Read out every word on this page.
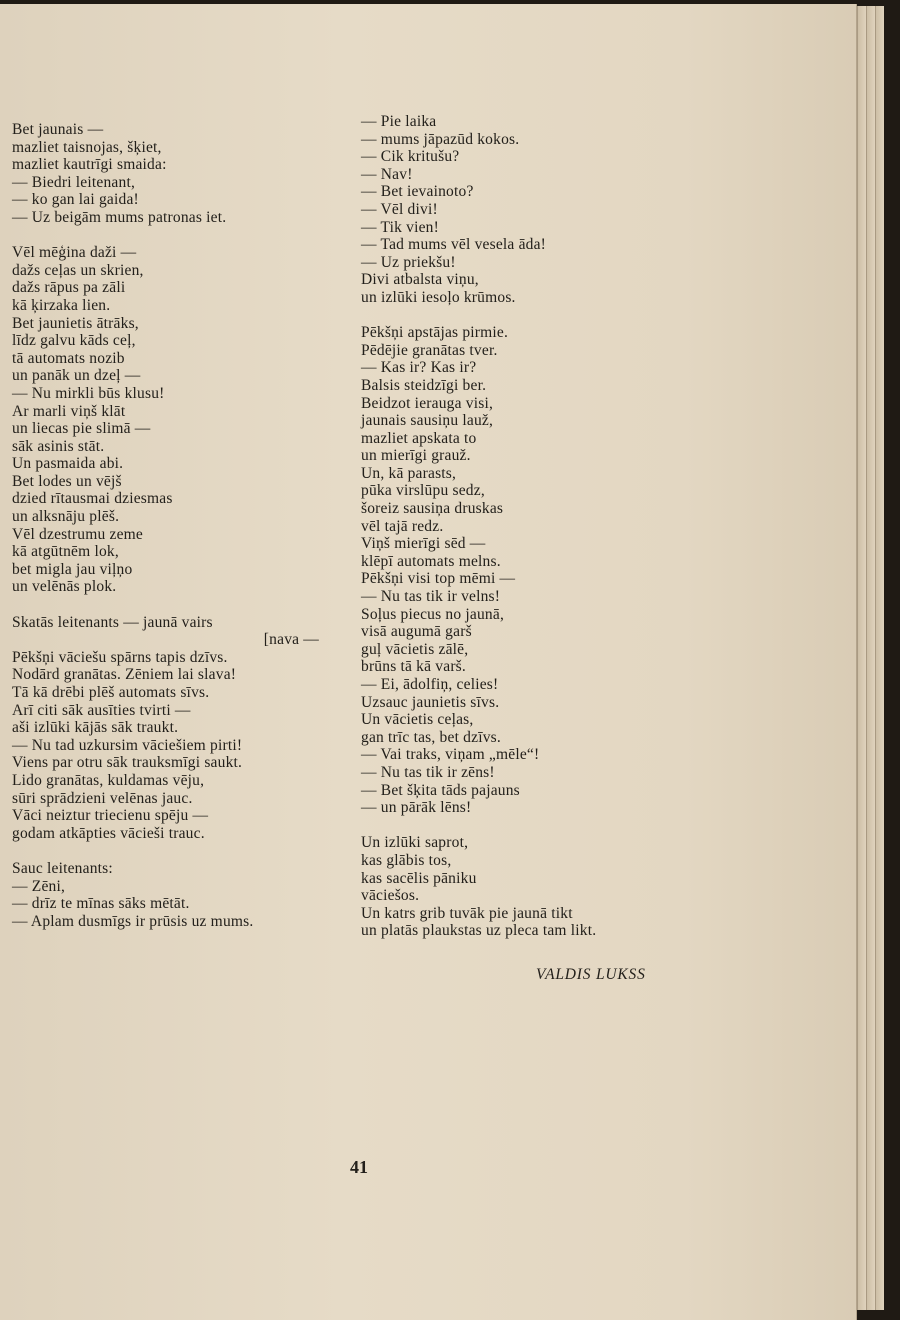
Bet jaunais —
mazliet taisnojas, šķiet,
mazliet kautrīgi smaida:
— Biedri leitenant,
— ko gan lai gaida!
— Uz beigām mums patronas iet.
Vēl mēģina daži —
dažs ceļas un skrien,
dažs rāpus pa zāli
kā ķirzaka lien.
Bet jaunietis ātrāks,
līdz galvu kāds ceļ,
tā automats nozib
un panāk un dzeļ —
— Nu mirkli būs klusu!
Ar marli viņš klāt
un liecas pie slimā —
sāk asinis stāt.
Un pasmaida abi.
Bet lodes un vējš
dzied rītausmai dziesmas
un alksnāju plēš.
Vēl dzestrumu zeme
kā atgūtnēm lok,
bet migla jau viļņo
un velēnās plok.
Skatās leitenants — jaunā vairs
[nava —
Pēkšņi vāciešu spārns tapis dzīvs.
Nodārd granātas. Zēniem lai slava!
Tā kā drēbi plēš automats sīvs.
Arī citi sāk ausīties tvirti —
aši izlūki kājās sāk traukt.
— Nu tad uzkursim vāciešiem pirti!
Viens par otru sāk trauksmīgi saukt.
Lido granātas, kuldamas vēju,
sūri sprādzieni velēnas jauc.
Vāci neiztur triecienu spēju —
godam atkāpties vācieši trauc.
Sauc leitenants:
— Zēni,
— drīz te mīnas sāks mētāt.
— Aplam dusmīgs ir prūsis uz mums.
— Pie laika
— mums jāpazūd kokos.
— Cik kritušu?
— Nav!
— Bet ievainoto?
— Vēl divi!
— Tik vien!
— Tad mums vēl vesela āda!
— Uz priekšu!
Divi atbalsta viņu,
un izlūki iesoļo krūmos.
Pēkšņi apstājas pirmie.
Pēdējie granātas tver.
— Kas ir? Kas ir?
Balsis steidzīgi ber.
Beidzot ierauga visi,
jaunais sausiņu lauž,
mazliet apskata to
un mierīgi grauž.
Un, kā parasts,
pūka virslūpu sedz,
šoreiz sausiņa druskas
vēl tajā redz.
Viņš mierīgi sēd —
klēpī automats melns.
Pēkšņi visi top mēmi —
— Nu tas tik ir velns!
Soļus piecus no jaunā,
visā augumā garš
guļ vācietis zālē,
brūns tā kā varš.
— Ei, ādolfiņ, celies!
Uzsauc jaunietis sīvs.
Un vācietis ceļas,
gan trīc tas, bet dzīvs.
— Vai traks, viņam „mēle“!
— Nu tas tik ir zēns!
— Bet šķita tāds pajauns
— un pārāk lēns!
Un izlūki saprot,
kas glābis tos,
kas sacēlis pāniku
vāciešos.
Un katrs grib tuvāk pie jaunā tikt
un platās plaukstas uz pleca tam likt.
VALDIS LUKSS
41
